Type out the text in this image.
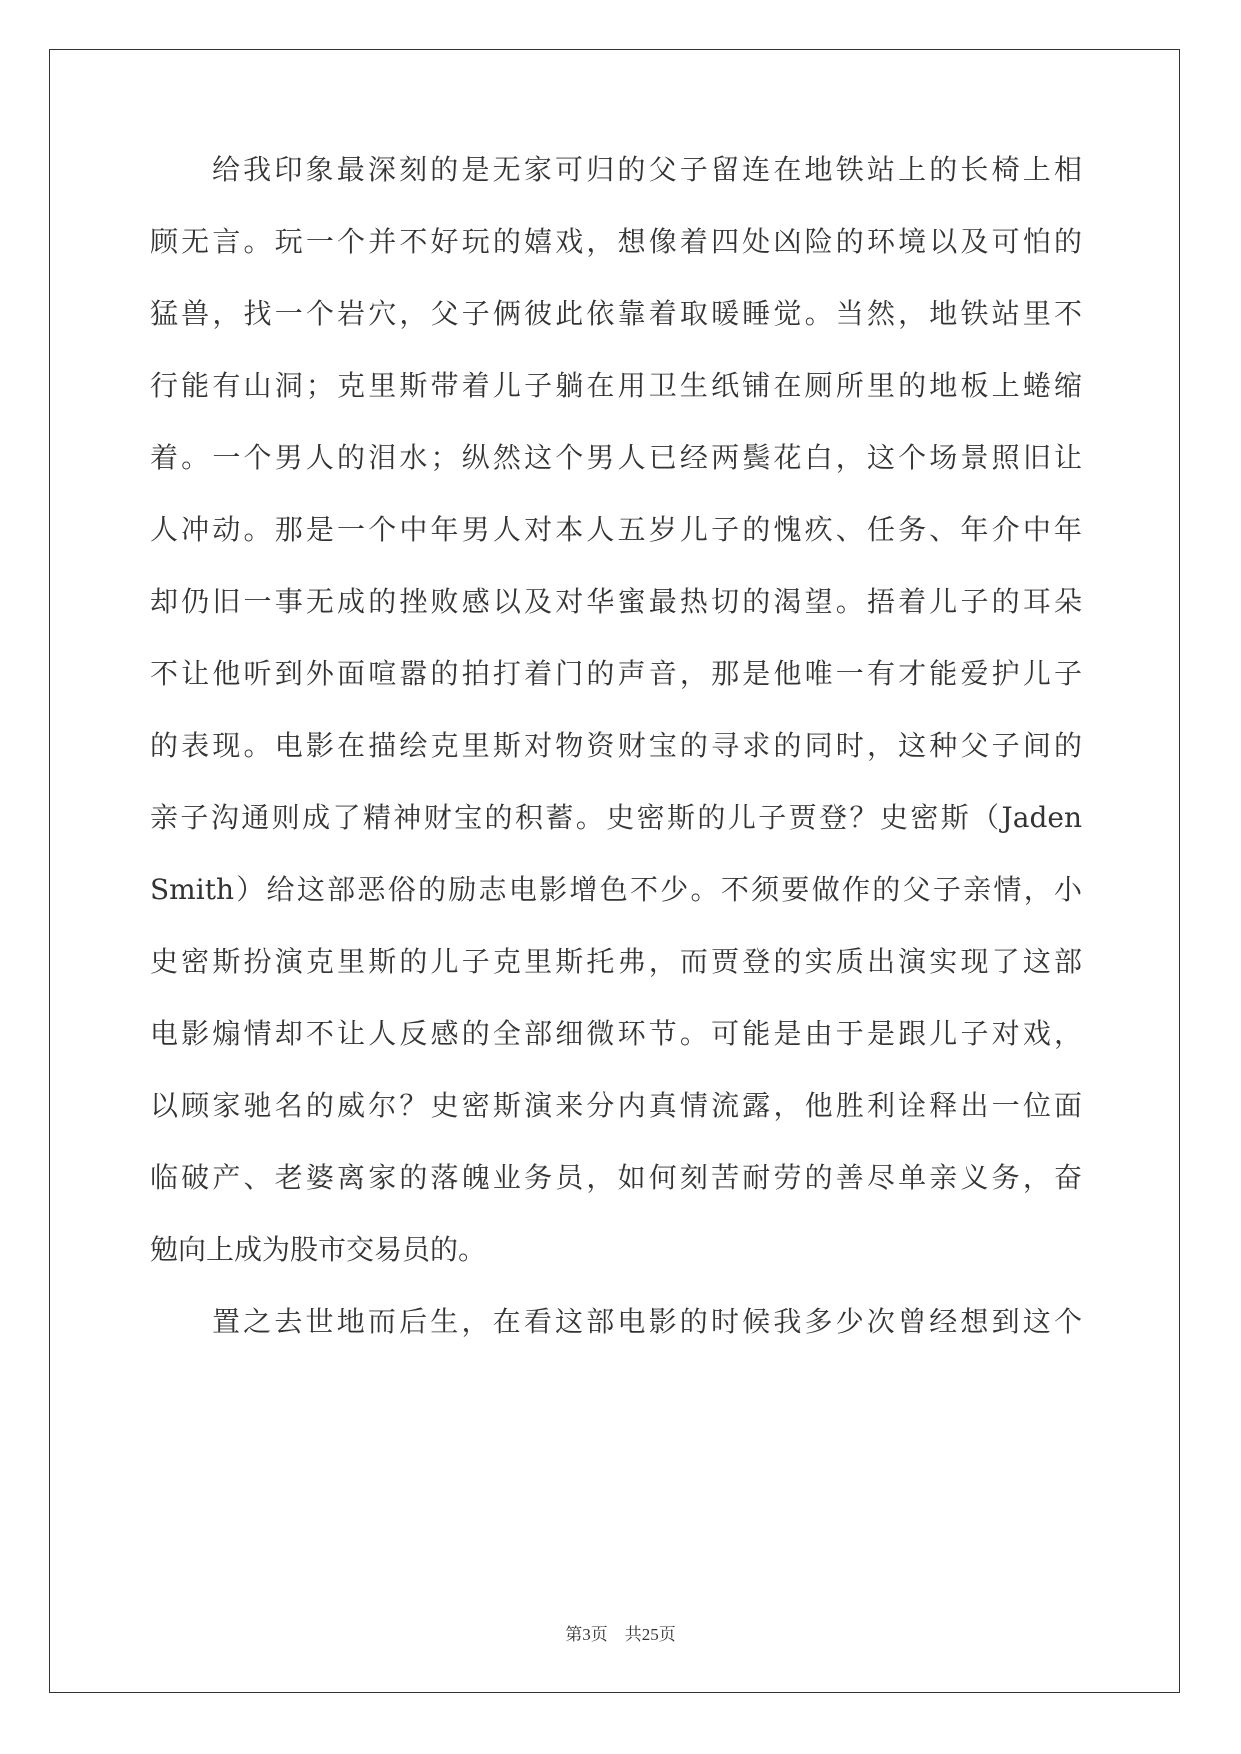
给我印象最深刻的是无家可归的父子留连在地铁站上的长椅上相
顾无言。玩一个并不好玩的嬉戏，想像着四处凶险的环境以及可怕的
猛兽，找一个岩穴，父子俩彼此依靠着取暖睡觉。当然，地铁站里不
行能有山洞；克里斯带着儿子躺在用卫生纸铺在厕所里的地板上蜷缩
着。一个男人的泪水；纵然这个男人已经两鬓花白，这个场景照旧让
人冲动。那是一个中年男人对本人五岁儿子的愧疚、任务、年介中年
却仍旧一事无成的挫败感以及对华蜜最热切的渴望。捂着儿子的耳朵
不让他听到外面喧嚣的拍打着门的声音，那是他唯一有才能爱护儿子
的表现。电影在描绘克里斯对物资财宝的寻求的同时，这种父子间的
亲子沟通则成了精神财宝的积蓄。史密斯的儿子贾登？史密斯（Jaden
Smith）给这部恶俗的励志电影增色不少。不须要做作的父子亲情，小
史密斯扮演克里斯的儿子克里斯托弗，而贾登的实质出演实现了这部
电影煽情却不让人反感的全部细微环节。可能是由于是跟儿子对戏，
以顾家驰名的威尔？史密斯演来分内真情流露，他胜利诠释出一位面
临破产、老婆离家的落魄业务员，如何刻苦耐劳的善尽单亲义务，奋
勉向上成为股市交易员的。
置之去世地而后生，在看这部电影的时候我多少次曾经想到这个
第3页 共25页
